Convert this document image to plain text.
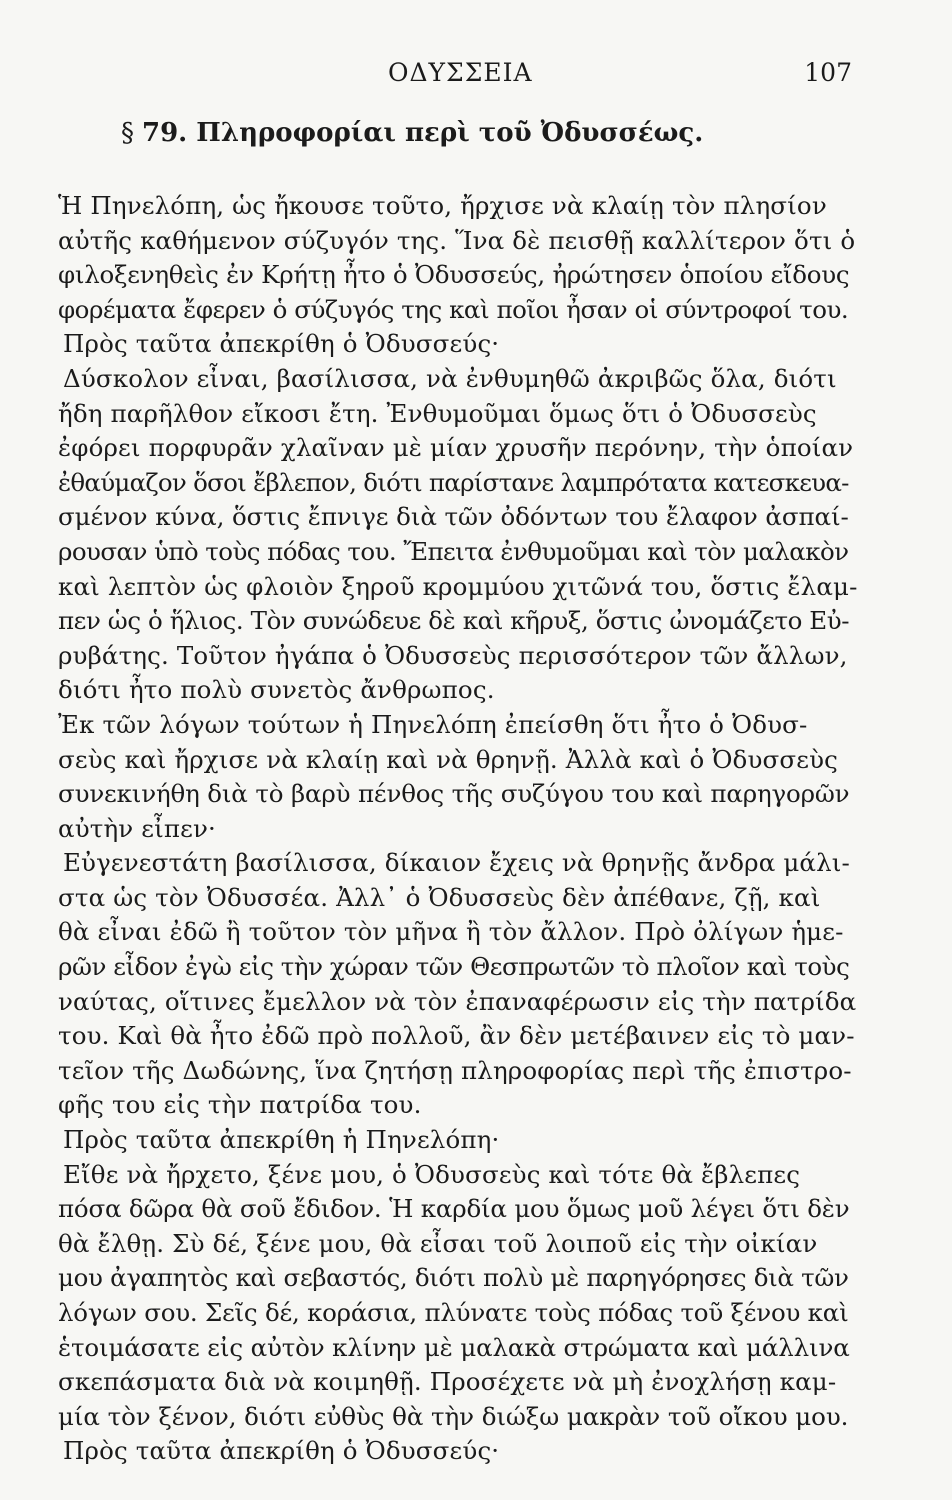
ΟΔΥΣΣΕΙΑ	107
§ 79. Πληροφορίαι περὶ τοῦ Ὀδυσσέως.
Ἡ Πηνελόπη, ὡς ἤκουσε τοῦτο, ἤρχισε νὰ κλαίῃ τὸν πλησίον
αὐτῆς καθήμενον σύζυγόν της. Ἵνα δὲ πεισθῇ καλλίτερον ὅτι ὁ
φιλοξενηθεὶς ἐν Κρήτῃ ἦτο ὁ Ὀδυσσεύς, ἠρώτησεν ὁποίου εἴδους
φορέματα ἔφερεν ὁ σύζυγός της καὶ ποῖοι ἦσαν οἱ σύντροφοί του.
Πρὸς ταῦτα ἀπεκρίθη ὁ Ὀδυσσεύς·
Δύσκολον εἶναι, βασίλισσα, νὰ ἐνθυμηθῶ ἀκριβῶς ὅλα, διότι
ἤδη παρῆλθον εἴκοσι ἔτη. Ἐνθυμοῦμαι ὅμως ὅτι ὁ Ὀδυσσεὺς
ἐφόρει πορφυρᾶν χλαῖναν μὲ μίαν χρυσῆν περόνην, τὴν ὁποίαν
ἐθαύμαζον ὅσοι ἔβλεπον, διότι παρίστανε λαμπρότατα κατεσκευα-
σμένον κύνα, ὅστις ἔπνιγε διὰ τῶν ὀδόντων του ἔλαφον ἀσπαί-
ρουσαν ὑπὸ τοὺς πόδας του. Ἔπειτα ἐνθυμοῦμαι καὶ τὸν μαλακὸν
καὶ λεπτὸν ὡς φλοιὸν ξηροῦ κρομμύου χιτῶνά του, ὅστις ἔλαμ-
πεν ὡς ὁ ἥλιος. Τὸν συνώδευε δὲ καὶ κῆρυξ, ὅστις ὠνομάζετο Εὐ-
ρυβάτης. Τοῦτον ἠγάπα ὁ Ὀδυσσεὺς περισσότερον τῶν ἄλλων,
διότι ἦτο πολὺ συνετὸς ἄνθρωπος.
Ἐκ τῶν λόγων τούτων ἡ Πηνελόπη ἐπείσθη ὅτι ἦτο ὁ Ὀδυσ-
σεὺς καὶ ἤρχισε νὰ κλαίῃ καὶ νὰ θρηνῇ. Ἀλλὰ καὶ ὁ Ὀδυσσεὺς
συνεκινήθη διὰ τὸ βαρὺ πένθος τῆς συζύγου του καὶ παρηγορῶν
αὐτὴν εἶπεν·
Εὐγενεστάτη βασίλισσα, δίκαιον ἔχεις νὰ θρηνῇς ἄνδρα μάλι-
στα ὡς τὸν Ὀδυσσέα. Ἀλλ᾽ ὁ Ὀδυσσεὺς δὲν ἀπέθανε, ζῇ, καὶ
θὰ εἶναι ἐδῶ ἢ τοῦτον τὸν μῆνα ἢ τὸν ἄλλον. Πρὸ ὀλίγων ἡμε-
ρῶν εἶδον ἐγὼ εἰς τὴν χώραν τῶν Θεσπρωτῶν τὸ πλοῖον καὶ τοὺς
ναύτας, οἵτινες ἔμελλον νὰ τὸν ἐπαναφέρωσιν εἰς τὴν πατρίδα
του. Καὶ θὰ ἦτο ἐδῶ πρὸ πολλοῦ, ἂν δὲν μετέβαινεν εἰς τὸ μαν-
τεῖον τῆς Δωδώνης, ἵνα ζητήσῃ πληροφορίας περὶ τῆς ἐπιστρο-
φῆς του εἰς τὴν πατρίδα του.
Πρὸς ταῦτα ἀπεκρίθη ἡ Πηνελόπη·
Εἴθε νὰ ἤρχετο, ξένε μου, ὁ Ὀδυσσεὺς καὶ τότε θὰ ἔβλεπες
πόσα δῶρα θὰ σοῦ ἔδιδον. Ἡ καρδία μου ὅμως μοῦ λέγει ὅτι δὲν
θὰ ἔλθῃ. Σὺ δέ, ξένε μου, θὰ εἶσαι τοῦ λοιποῦ εἰς τὴν οἰκίαν
μου ἀγαπητὸς καὶ σεβαστός, διότι πολὺ μὲ παρηγόρησες διὰ τῶν
λόγων σου. Σεῖς δέ, κοράσια, πλύνατε τοὺς πόδας τοῦ ξένου καὶ
ἑτοιμάσατε εἰς αὐτὸν κλίνην μὲ μαλακὰ στρώματα καὶ μάλλινα
σκεπάσματα διὰ νὰ κοιμηθῇ. Προσέχετε νὰ μὴ ἐνοχλήσῃ καμ-
μία τὸν ξένον, διότι εὐθὺς θὰ τὴν διώξω μακρὰν τοῦ οἴκου μου.
Πρὸς ταῦτα ἀπεκρίθη ὁ Ὀδυσσεύς·
